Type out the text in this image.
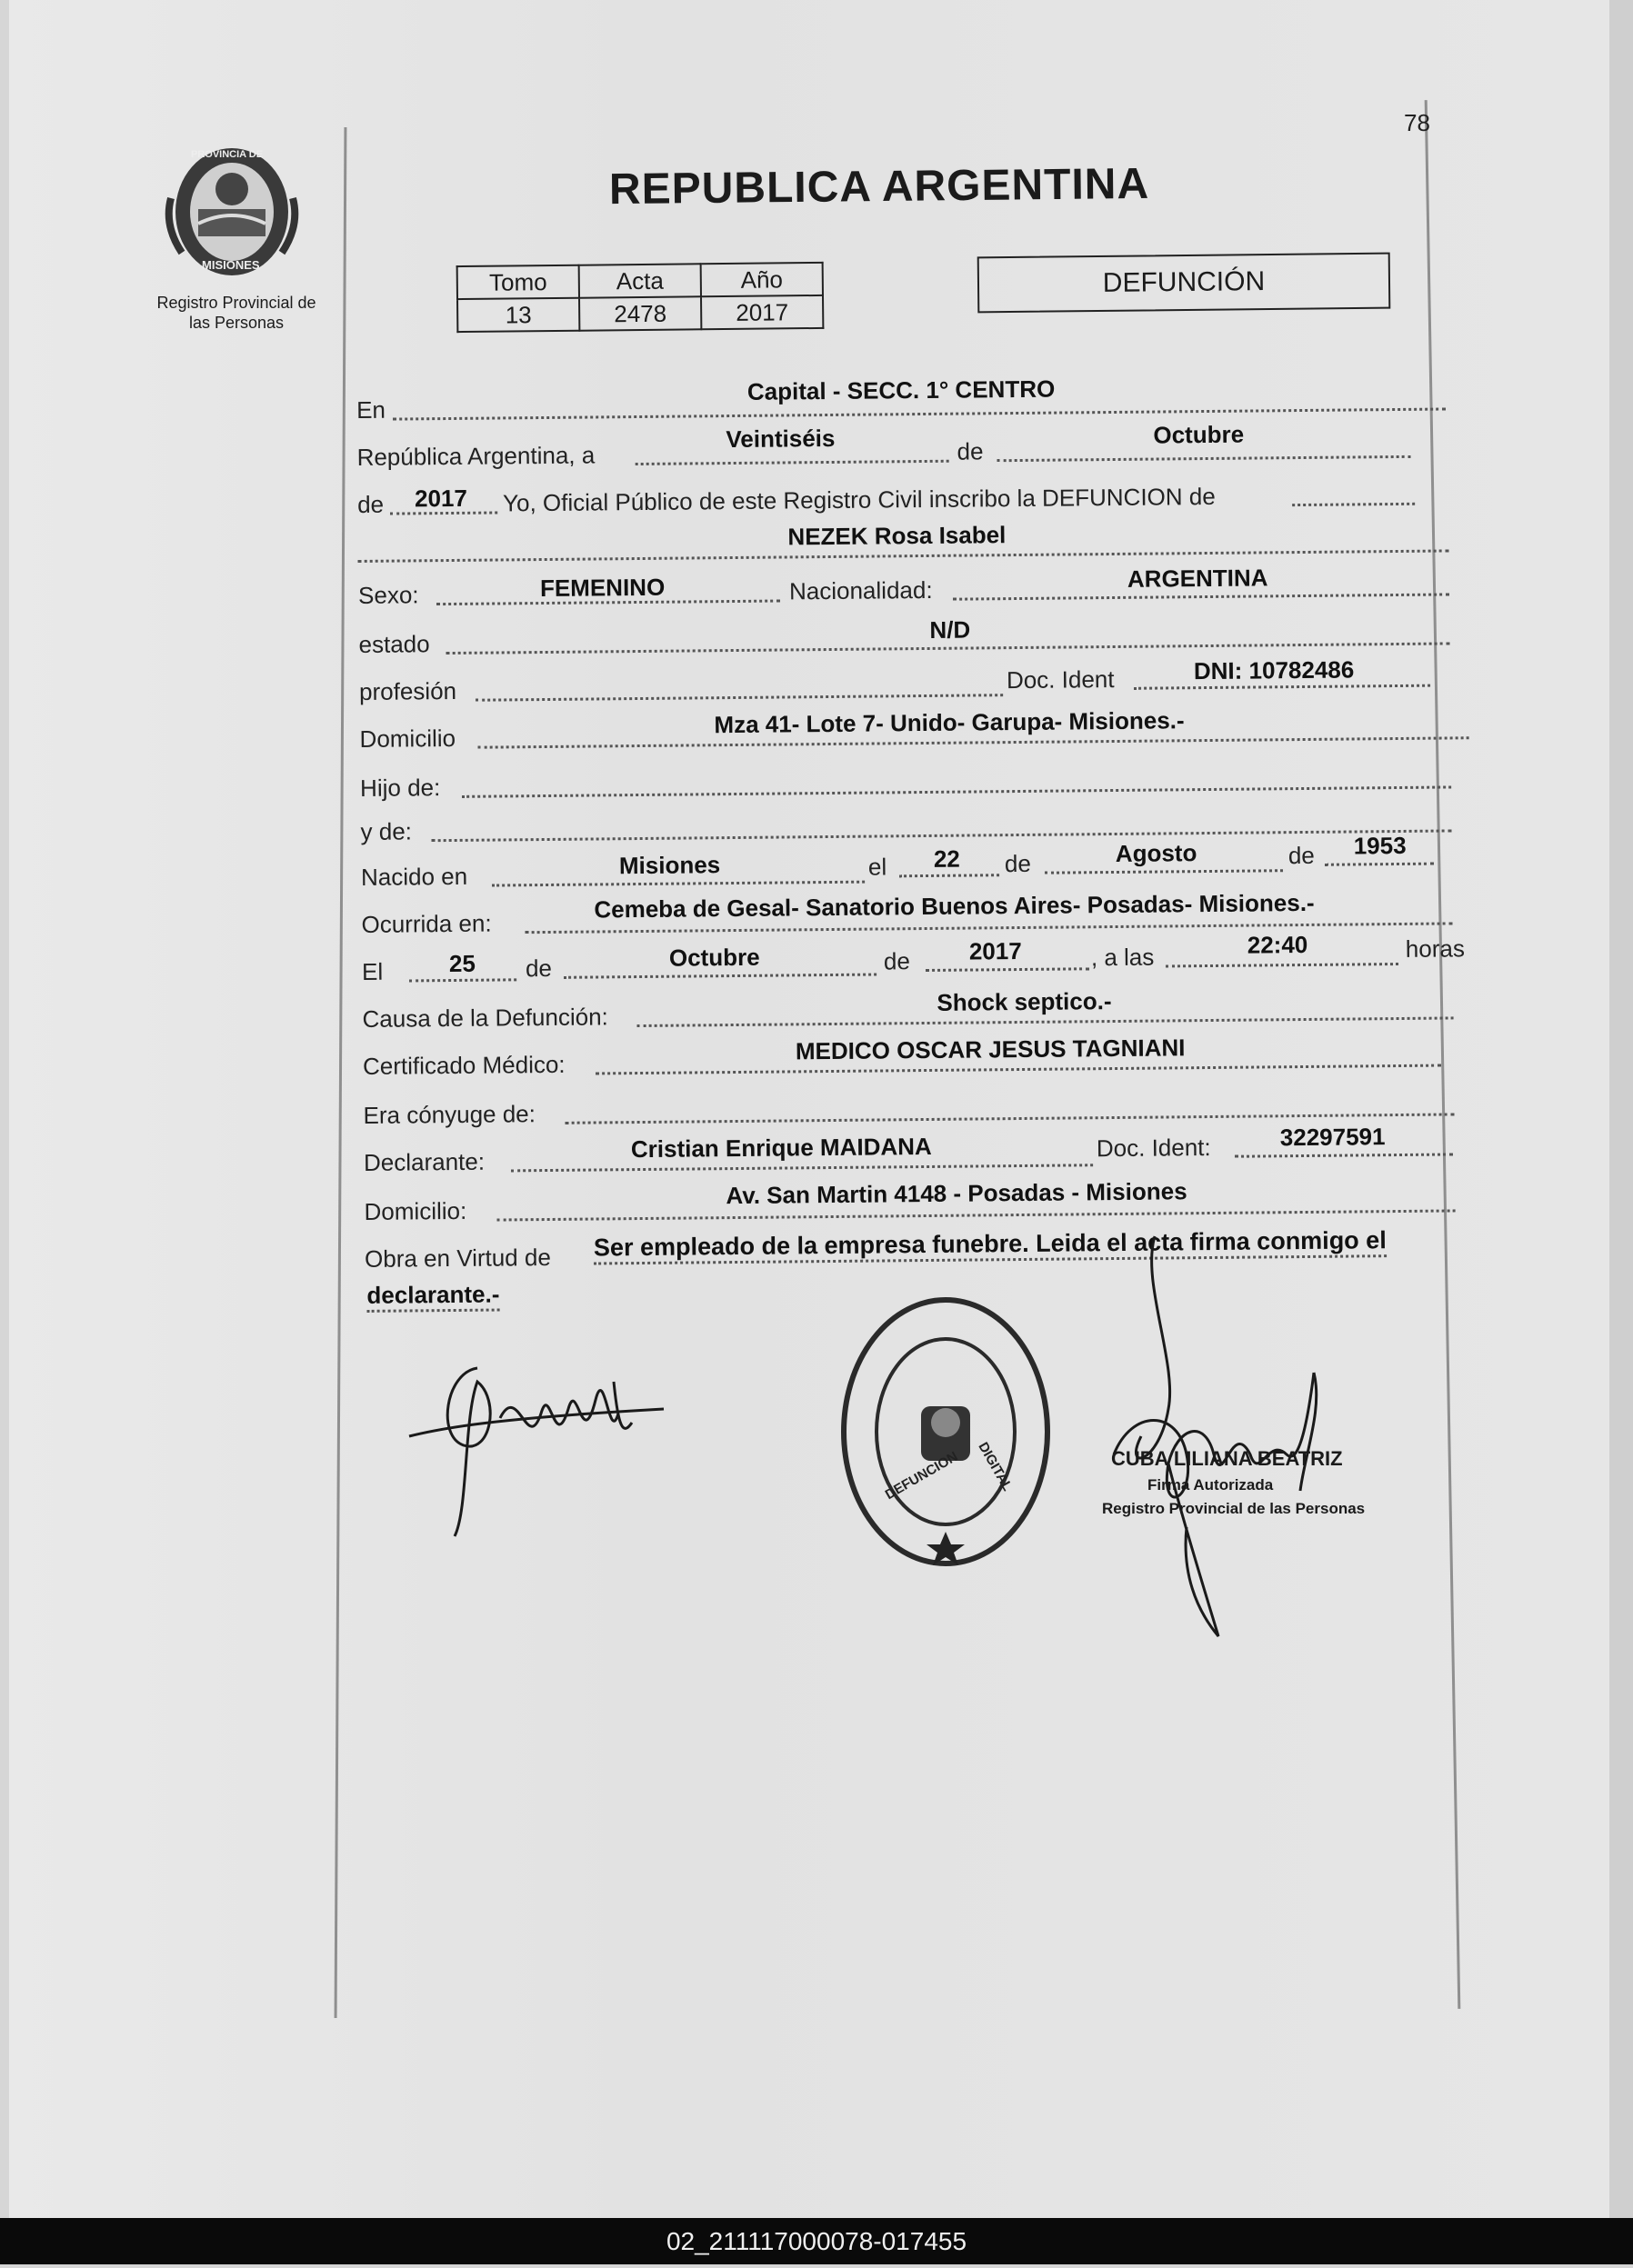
78
PROVINCIA DE
MISIONES
Registro Provincial de
las Personas
REPUBLICA ARGENTINA
Tomo	Acta	Año
13	2478	2017
DEFUNCIÓN
En
Capital - SECC. 1° CENTRO
República Argentina, a
Veintiséis	de
Octubre
de 2017 Yo, Oficial Público de este Registro Civil inscribo la DEFUNCION de
NEZEK Rosa Isabel
Sexo:	FEMENINO	Nacionalidad:	ARGENTINA
estado
N/D
profesión	Doc. Ident	DNI: 10782486
Domicilio
Mza 41- Lote 7- Unido- Garupa- Misiones.-
Hijo de:
y de:
Nacido en	Misiones	el 22 de	Agosto	de 1953
Ocurrida en:
Cemeba de Gesal- Sanatorio Buenos Aires- Posadas- Misiones.-
El	25 de	Octubre	de 2017	, a las	22:40	horas
Causa de la Defunción:
Shock septico.-
Certificado Médico:
MEDICO OSCAR JESUS TAGNIANI
Era cónyuge de:
Declarante:	Cristian Enrique MAIDANA	Doc. Ident:	32297591
Domicilio:
Av. San Martin 4148 - Posadas - Misiones
Obra en Virtud de Ser empleado de la empresa funebre. Leida el acta firma conmigo el
declarante.-
DEFUNCION DIGITAL	CUBA LILIANA BEATRIZ
Firma Autorizada
Registro Provincial de las Personas
02_211117000078-017455
